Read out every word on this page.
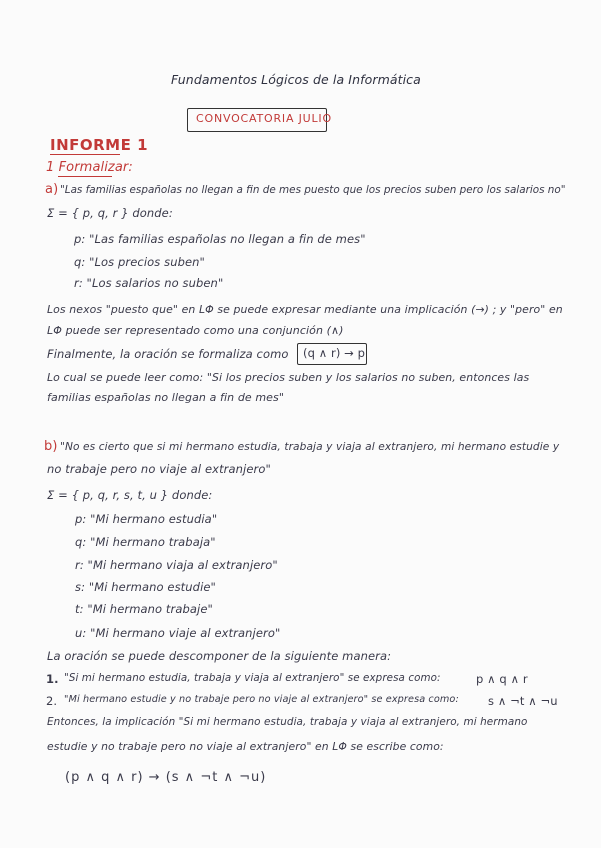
Fundamentos Lógicos de la Informática
CONVOCATORIA JULIO
INFORME 1
1 Formalizar:
a) "Las familias españolas no llegan a fin de mes puesto que los precios suben pero los salarios no"
Σ = { p, q, r } donde:
p: "Las familias españolas no llegan a fin de mes"
q: "Los precios suben"
r: "Los salarios no suben"
Los nexos "puesto que" en LΦ se puede expresar mediante una implicación (→) ; y "pero" en
LΦ puede ser representado como una conjunción (∧)
Finalmente, la oración se formaliza como (q ∧ r) → p
Lo cual se puede leer como: "Si los precios suben y los salarios no suben, entonces las
familias españolas no llegan a fin de mes"
b) "No es cierto que si mi hermano estudia, trabaja y viaja al extranjero, mi hermano estudie y
no trabaje pero no viaje al extranjero"
Σ = { p, q, r, s, t, u } donde:
p: "Mi hermano estudia"
q: "Mi hermano trabaja"
r: "Mi hermano viaja al extranjero"
s: "Mi hermano estudie"
t: "Mi hermano trabaje"
u: "Mi hermano viaje al extranjero"
La oración se puede descomponer de la siguiente manera:
1. "Si mi hermano estudia, trabaja y viaja al extranjero" se expresa como:	p ∧ q ∧ r
2. "Mi hermano estudie y no trabaje pero no viaje al extranjero" se expresa como:	s ∧ ¬t ∧ ¬u
Entonces, la implicación "Si mi hermano estudia, trabaja y viaja al extranjero, mi hermano
estudie y no trabaje pero no viaje al extranjero" en LΦ se escribe como:
(p ∧ q ∧ r) → (s ∧ ¬t ∧ ¬u)
